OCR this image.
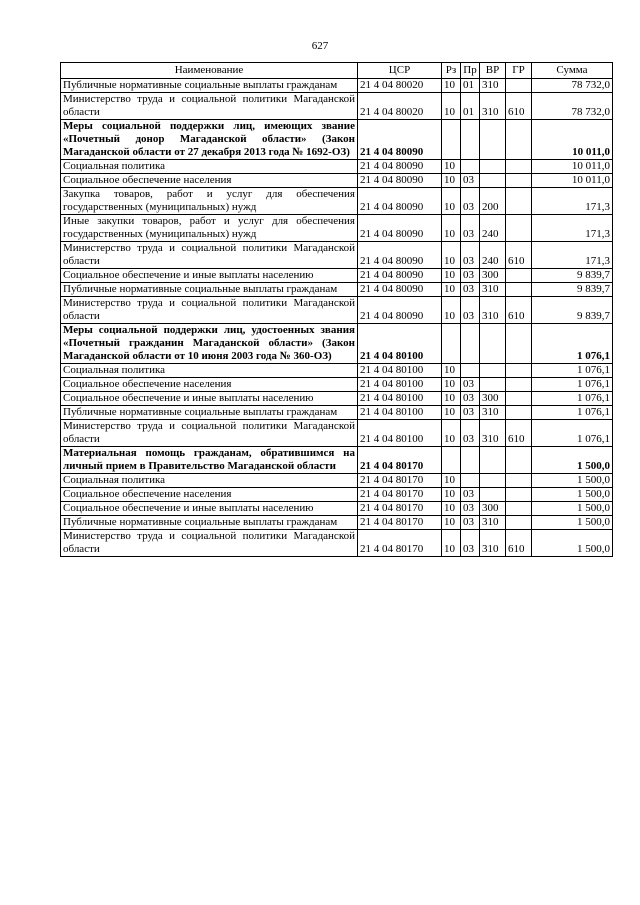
627
Наименование	ЦСР	Рз	Пр	ВР	ГР	Сумма
Публичные нормативные социальные выплаты гражданам	21 4 04 80020	10	01	310		78 732,0
Министерство труда и социальной политики Магаданской области	21 4 04 80020	10	01	310	610	78 732,0
Меры социальной поддержки лиц, имеющих звание «Почетный донор Магаданской области» (Закон Магаданской области от 27 декабря 2013 года № 1692-ОЗ)	21 4 04 80090					10 011,0
Социальная политика	21 4 04 80090	10				10 011,0
Социальное обеспечение населения	21 4 04 80090	10	03			10 011,0
Закупка товаров, работ и услуг для обеспечения государственных (муниципальных) нужд	21 4 04 80090	10	03	200		171,3
Иные закупки товаров, работ и услуг для обеспечения государственных (муниципальных) нужд	21 4 04 80090	10	03	240		171,3
Министерство труда и социальной политики Магаданской области	21 4 04 80090	10	03	240	610	171,3
Социальное обеспечение и иные выплаты населению	21 4 04 80090	10	03	300		9 839,7
Публичные нормативные социальные выплаты гражданам	21 4 04 80090	10	03	310		9 839,7
Министерство труда и социальной политики Магаданской области	21 4 04 80090	10	03	310	610	9 839,7
Меры социальной поддержки лиц, удостоенных звания «Почетный гражданин Магаданской области» (Закон Магаданской области от 10 июня 2003 года № 360-ОЗ)	21 4 04 80100					1 076,1
Социальная политика	21 4 04 80100	10				1 076,1
Социальное обеспечение населения	21 4 04 80100	10	03			1 076,1
Социальное обеспечение и иные выплаты населению	21 4 04 80100	10	03	300		1 076,1
Публичные нормативные социальные выплаты гражданам	21 4 04 80100	10	03	310		1 076,1
Министерство труда и социальной политики Магаданской области	21 4 04 80100	10	03	310	610	1 076,1
Материальная помощь гражданам, обратившимся на личный прием в Правительство Магаданской области	21 4 04 80170					1 500,0
Социальная политика	21 4 04 80170	10				1 500,0
Социальное обеспечение населения	21 4 04 80170	10	03			1 500,0
Социальное обеспечение и иные выплаты населению	21 4 04 80170	10	03	300		1 500,0
Публичные нормативные социальные выплаты гражданам	21 4 04 80170	10	03	310		1 500,0
Министерство труда и социальной политики Магаданской области	21 4 04 80170	10	03	310	610	1 500,0
